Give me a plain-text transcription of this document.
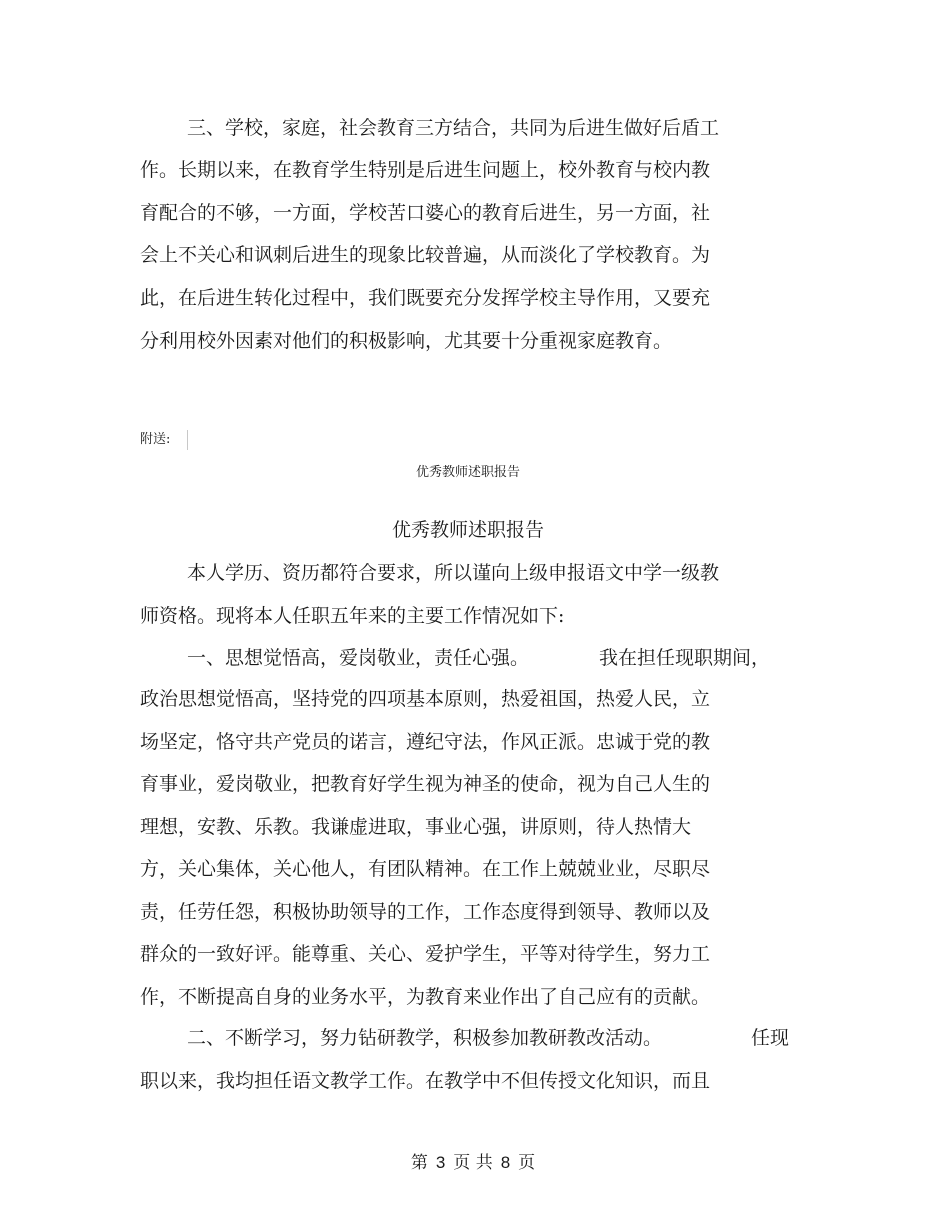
三、学校，家庭，社会教育三方结合，共同为后进生做好后盾工
作。长期以来，在教育学生特别是后进生问题上，校外教育与校内教
育配合的不够，一方面，学校苦口婆心的教育后进生，另一方面，社
会上不关心和讽刺后进生的现象比较普遍，从而淡化了学校教育。为
此，在后进生转化过程中，我们既要充分发挥学校主导作用，又要充
分利用校外因素对他们的积极影响，尤其要十分重视家庭教育。
附送:
优秀教师述职报告
优秀教师述职报告
本人学历、资历都符合要求，所以谨向上级申报语文中学一级教
师资格。现将本人任职五年来的主要工作情况如下:
一、思想觉悟高，爱岗敬业，责任心强。	我在担任现职期间，
政治思想觉悟高，坚持党的四项基本原则，热爱祖国，热爱人民，立
场坚定，恪守共产党员的诺言，遵纪守法，作风正派。忠诚于党的教
育事业，爱岗敬业，把教育好学生视为神圣的使命，视为自己人生的
理想，安教、乐教。我谦虚进取，事业心强，讲原则，待人热情大
方，关心集体，关心他人，有团队精神。在工作上兢兢业业，尽职尽
责，任劳任怨，积极协助领导的工作，工作态度得到领导、教师以及
群众的一致好评。能尊重、关心、爱护学生，平等对待学生，努力工
作，不断提高自身的业务水平，为教育来业作出了自己应有的贡献。
二、不断学习，努力钻研教学，积极参加教研教改活动。	任现
职以来，我均担任语文教学工作。在教学中不但传授文化知识，而且
第 3 页 共 8 页
